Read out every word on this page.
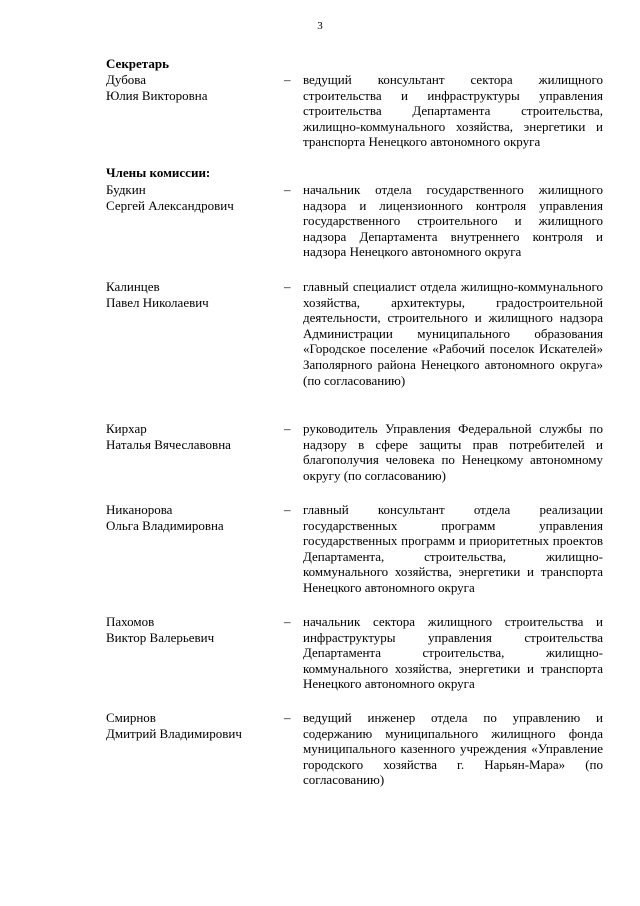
3
Секретарь
Дубова
Юлия Викторовна
– ведущий консультант сектора жилищного строительства и инфраструктуры управления строительства Департамента строительства, жилищно-коммунального хозяйства, энергетики и транспорта Ненецкого автономного округа
Члены комиссии:
Будкин
Сергей Александрович
– начальник отдела государственного жилищного надзора и лицензионного контроля управления государственного строительного и жилищного надзора Департамента внутреннего контроля и надзора Ненецкого автономного округа
Калинцев
Павел Николаевич
– главный специалист отдела жилищно-коммунального хозяйства, архитектуры, градостроительной деятельности, строительного и жилищного надзора Администрации муниципального образования «Городское поселение «Рабочий поселок Искателей» Заполярного района Ненецкого автономного округа» (по согласованию)
Кирхар
Наталья Вячеславовна
– руководитель Управления Федеральной службы по надзору в сфере защиты прав потребителей и благополучия человека по Ненецкому автономному округу (по согласованию)
Никанорова
Ольга Владимировна
– главный консультант отдела реализации государственных программ управления государственных программ и приоритетных проектов Департамента, строительства, жилищно-коммунального хозяйства, энергетики и транспорта Ненецкого автономного округа
Пахомов
Виктор Валерьевич
– начальник сектора жилищного строительства и инфраструктуры управления строительства Департамента строительства, жилищно-коммунального хозяйства, энергетики и транспорта Ненецкого автономного округа
Смирнов
Дмитрий Владимирович
– ведущий инженер отдела по управлению и содержанию муниципального жилищного фонда муниципального казенного учреждения «Управление городского хозяйства г. Нарьян-Мара» (по согласованию)
